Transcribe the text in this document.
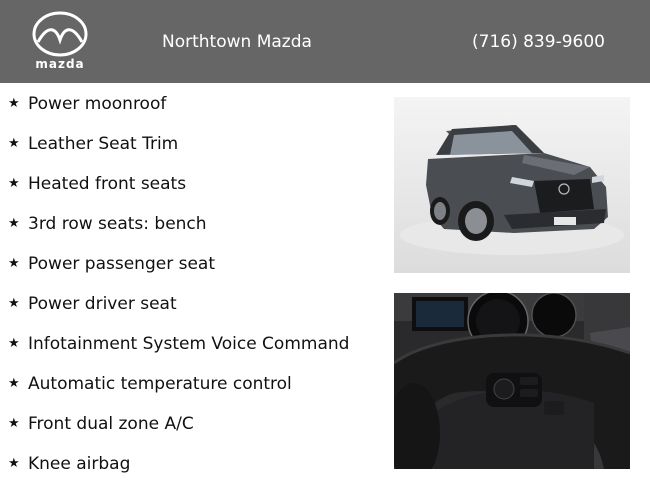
mazda
Northtown Mazda	(716) 839-9600
★ Power moonroof
★ Leather Seat Trim
★ Heated front seats
★ 3rd row seats: bench
★ Power passenger seat
★ Power driver seat
★ Infotainment System Voice Command
★ Automatic temperature control
★ Front dual zone A/C
★ Knee airbag
